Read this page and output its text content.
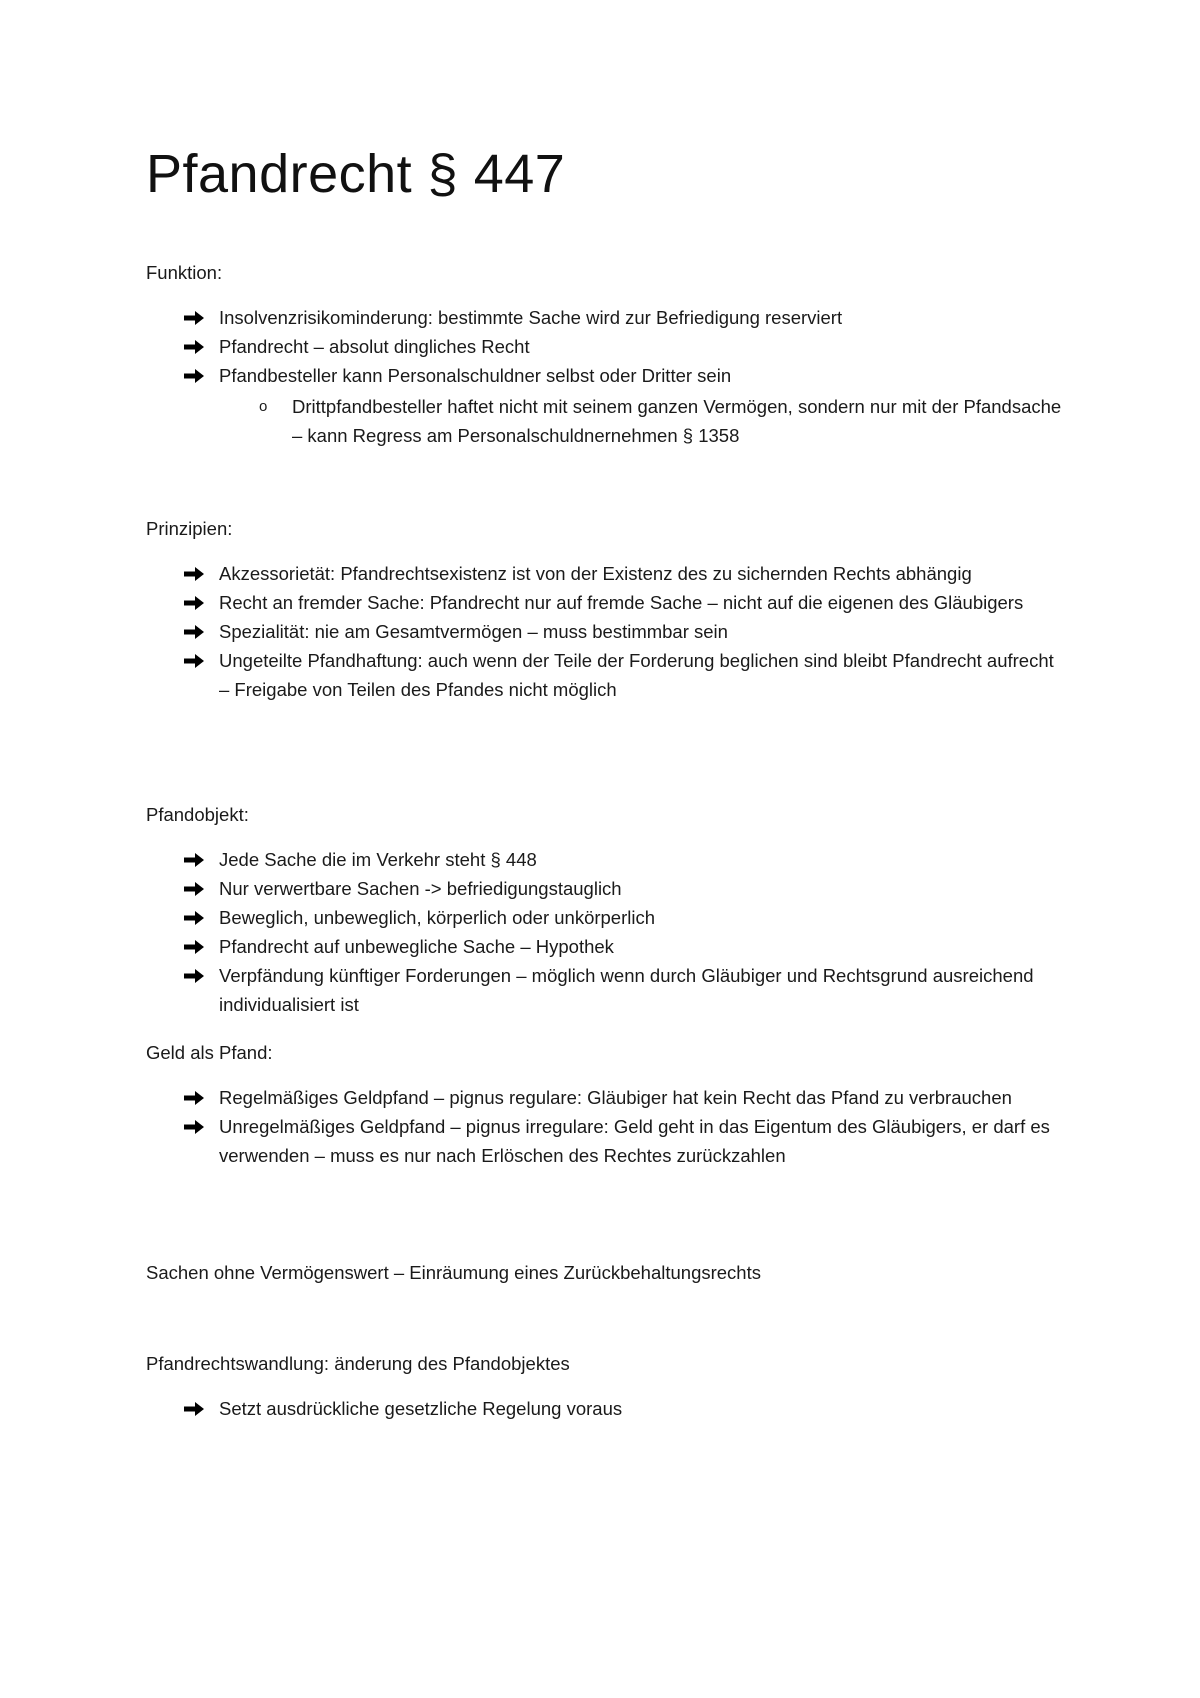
Pfandrecht § 447

Funktion:

Insolvenzrisikominderung: bestimmte Sache wird zur Befriedigung reserviert
Pfandrecht – absolut dingliches Recht
Pfandbesteller kann Personalschuldner selbst oder Dritter sein
o Drittpfandbesteller haftet nicht mit seinem ganzen Vermögen, sondern nur mit der Pfandsache – kann Regress am Personalschuldnernehmen § 1358

Prinzipien:

Akzessorietät: Pfandrechtsexistenz ist von der Existenz des zu sichernden Rechts abhängig
Recht an fremder Sache: Pfandrecht nur auf fremde Sache – nicht auf die eigenen des Gläubigers
Spezialität: nie am Gesamtvermögen – muss bestimmbar sein
Ungeteilte Pfandhaftung: auch wenn der Teile der Forderung beglichen sind bleibt Pfandrecht aufrecht – Freigabe von Teilen des Pfandes nicht möglich

Pfandobjekt:

Jede Sache die im Verkehr steht § 448
Nur verwertbare Sachen -> befriedigungstauglich
Beweglich, unbeweglich, körperlich oder unkörperlich
Pfandrecht auf unbewegliche Sache – Hypothek
Verpfändung künftiger Forderungen – möglich wenn durch Gläubiger und Rechtsgrund ausreichend individualisiert ist

Geld als Pfand:

Regelmäßiges Geldpfand – pignus regulare: Gläubiger hat kein Recht das Pfand zu verbrauchen
Unregelmäßiges Geldpfand – pignus irregulare: Geld geht in das Eigentum des Gläubigers, er darf es verwenden – muss es nur nach Erlöschen des Rechtes zurückzahlen

Sachen ohne Vermögenswert – Einräumung eines Zurückbehaltungsrechts

Pfandrechtswandlung: änderung des Pfandobjektes

Setzt ausdrückliche gesetzliche Regelung voraus
